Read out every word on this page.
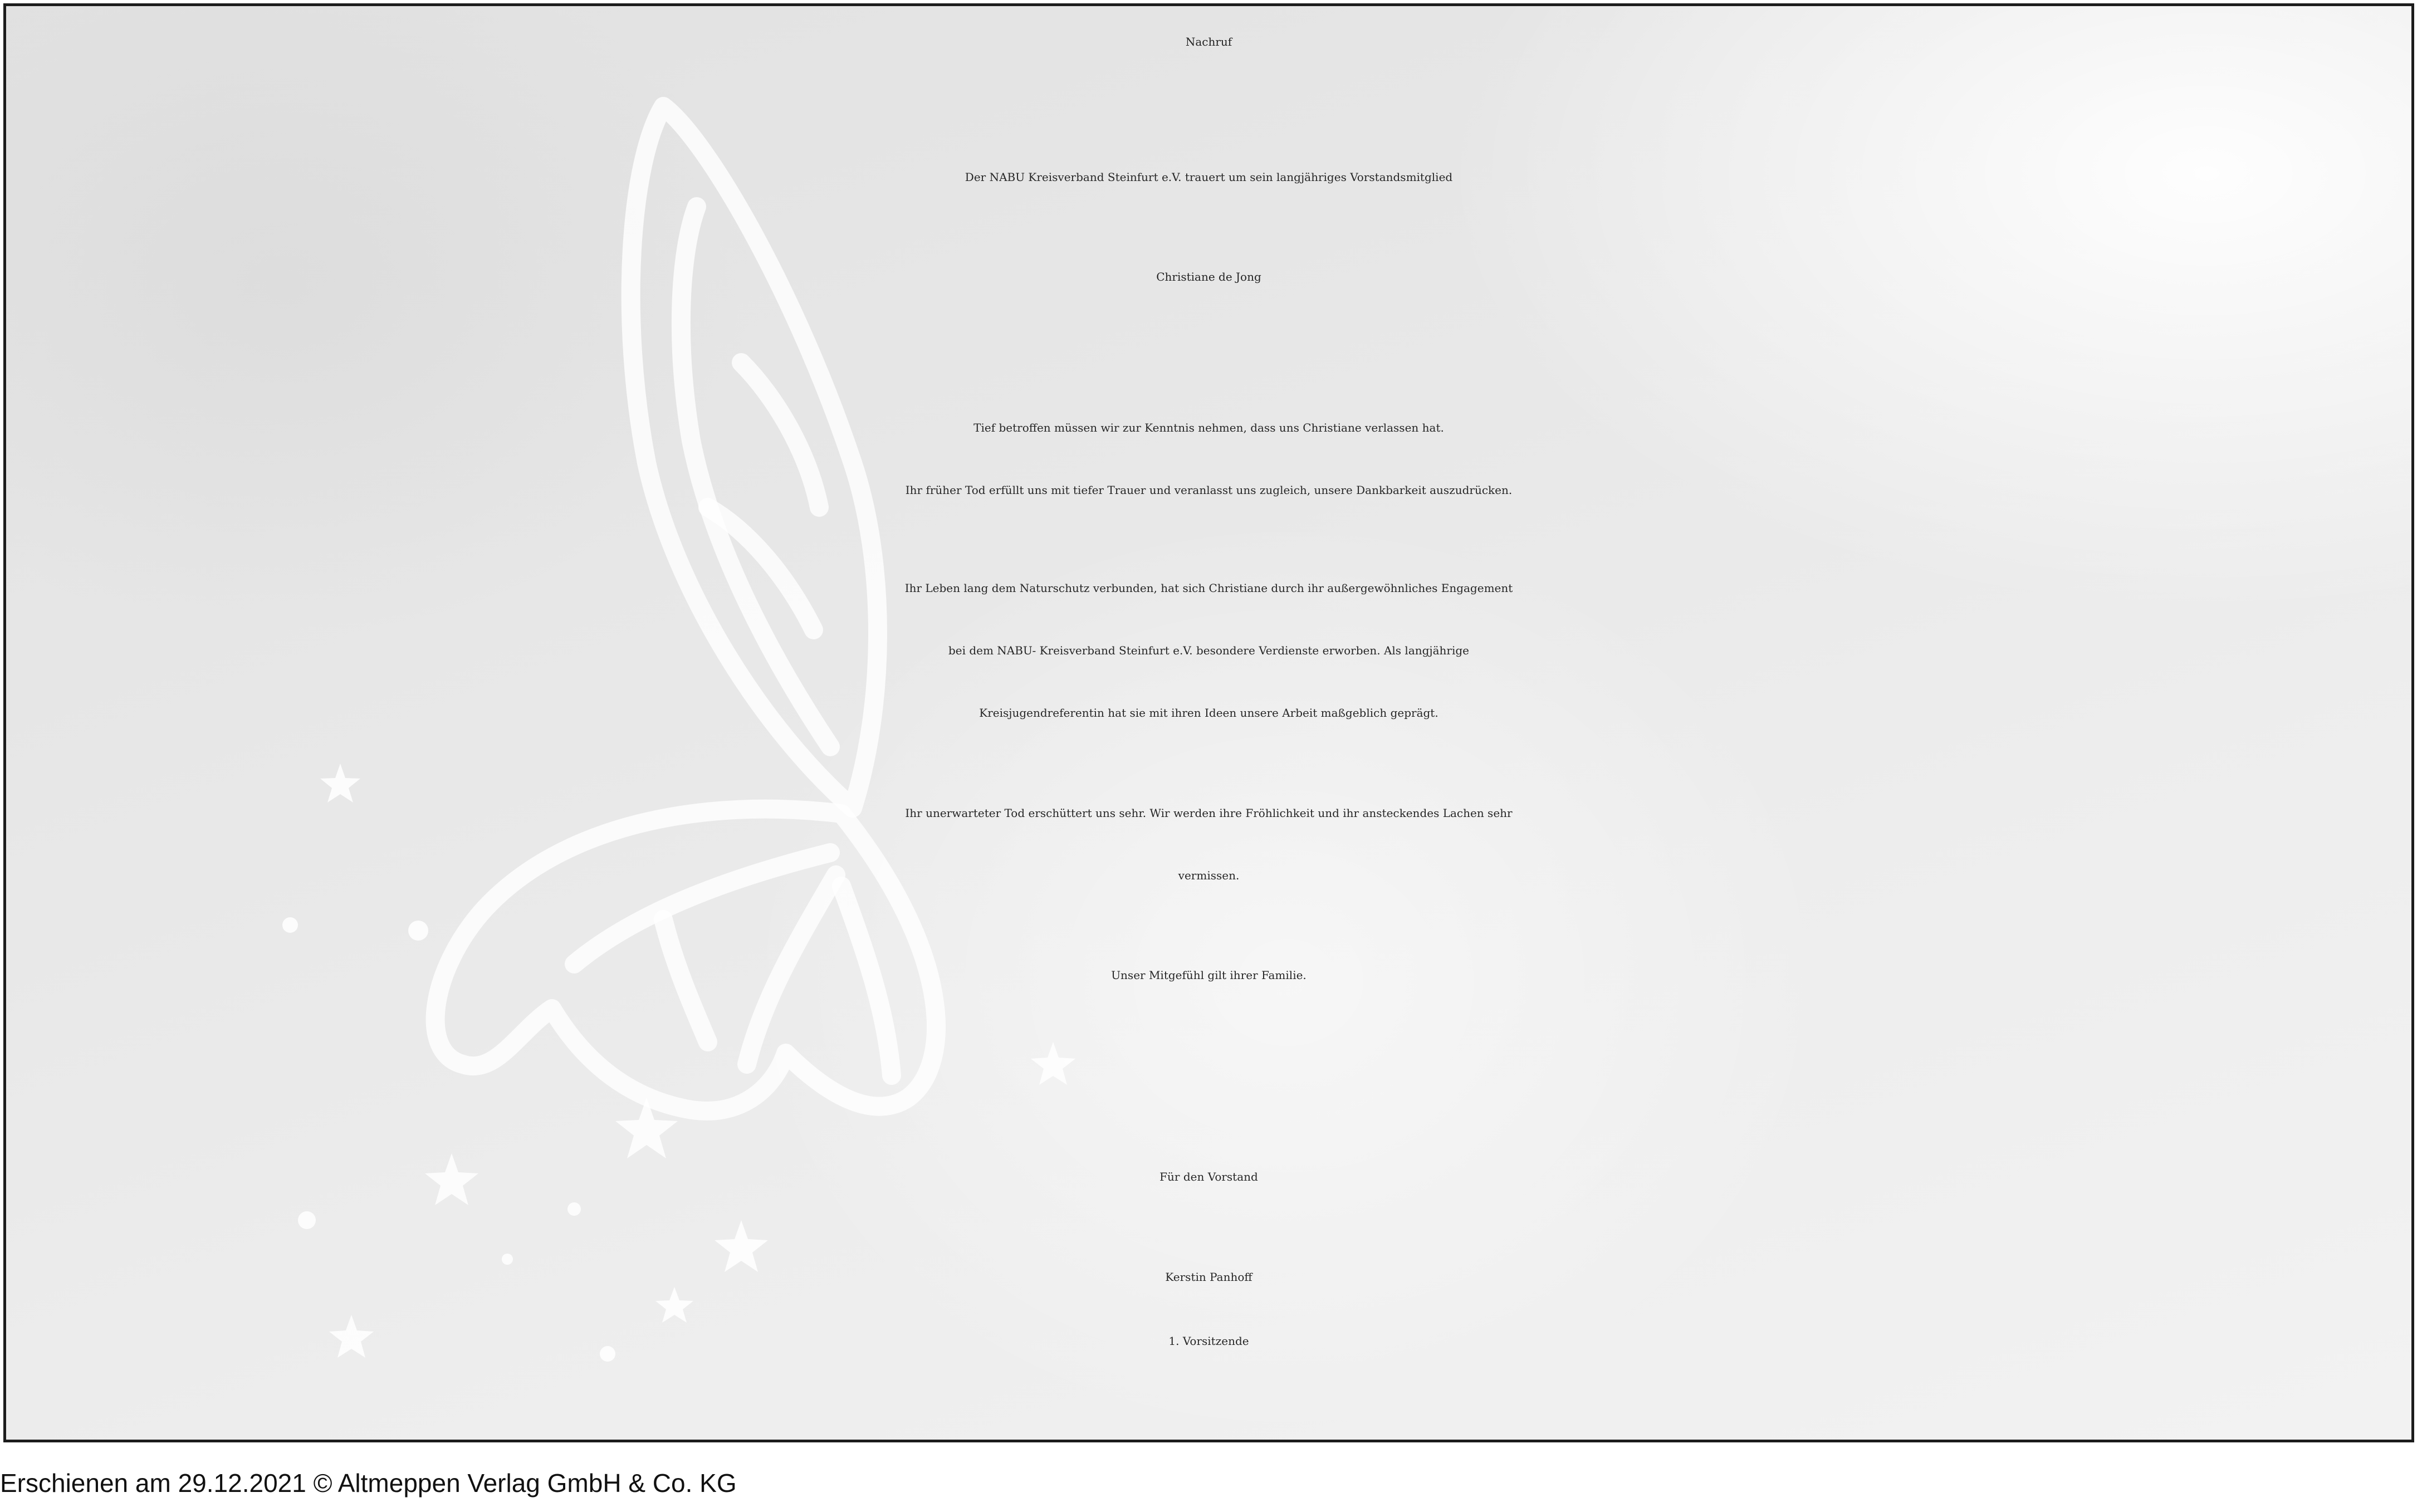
Nachruf
Der NABU Kreisverband Steinfurt e.V. trauert um sein langjähriges Vorstandsmitglied
Christiane de Jong
Tief betroffen müssen wir zur Kenntnis nehmen, dass uns Christiane verlassen hat.
Ihr früher Tod erfüllt uns mit tiefer Trauer und veranlasst uns zugleich, unsere Dankbarkeit auszudrücken.
Ihr Leben lang dem Naturschutz verbunden, hat sich Christiane durch ihr außergewöhnliches Engagement
bei dem NABU- Kreisverband Steinfurt e.V. besondere Verdienste erworben. Als langjährige
Kreisjugendreferentin hat sie mit ihren Ideen unsere Arbeit maßgeblich geprägt.
Ihr unerwarteter Tod erschüttert uns sehr. Wir werden ihre Fröhlichkeit und ihr ansteckendes Lachen sehr
vermissen.
Unser Mitgefühl gilt ihrer Familie.
Für den Vorstand
Kerstin Panhoff
1. Vorsitzende
Erschienen am 29.12.2021 © Altmeppen Verlag GmbH & Co. KG
